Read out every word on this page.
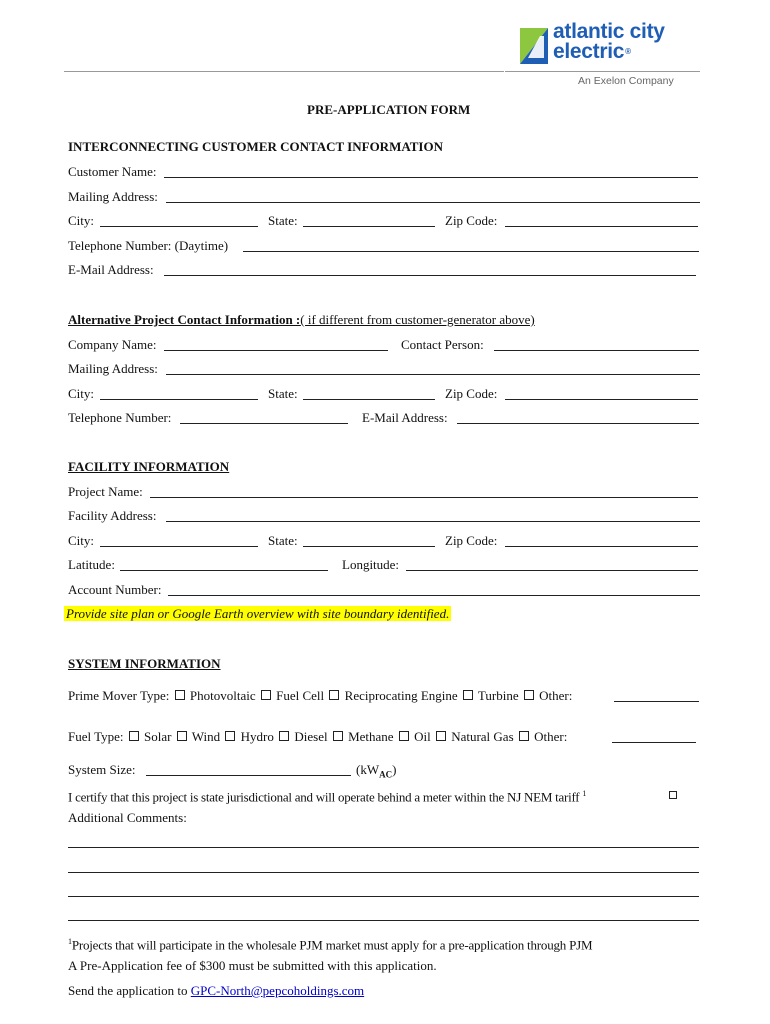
atlantic city
electric®
An Exelon Company
PRE-APPLICATION FORM
INTERCONNECTING CUSTOMER CONTACT INFORMATION
Customer Name:
Mailing Address:
City:	State:	Zip Code:
Telephone Number: (Daytime)
E-Mail Address:
Alternative Project Contact Information :( if different from customer-generator above)
Company Name:	Contact Person:
Mailing Address:
City:	State:	Zip Code:
Telephone Number:	E-Mail Address:
FACILITY INFORMATION
Project Name:
Facility Address:
City:	State:	Zip Code:
Latitude:	Longitude:
Account Number:
Provide site plan or Google Earth overview with site boundary identified.
SYSTEM INFORMATION
Prime Mover Type: Photovoltaic Fuel Cell Reciprocating Engine Turbine Other:
Fuel Type: Solar Wind Hydro Diesel Methane Oil Natural Gas Other:
System Size:	$(kW_{AC})$
I certify that this project is state jurisdictional and will operate behind a meter within the NJ NEM tariff $^1$
Additional Comments:
$^1$Projects that will participate in the wholesale PJM market must apply for a pre-application through PJM
A Pre-Application fee of $300 must be submitted with this application.
Send the application to GPC-North@pepcoholdings.com
